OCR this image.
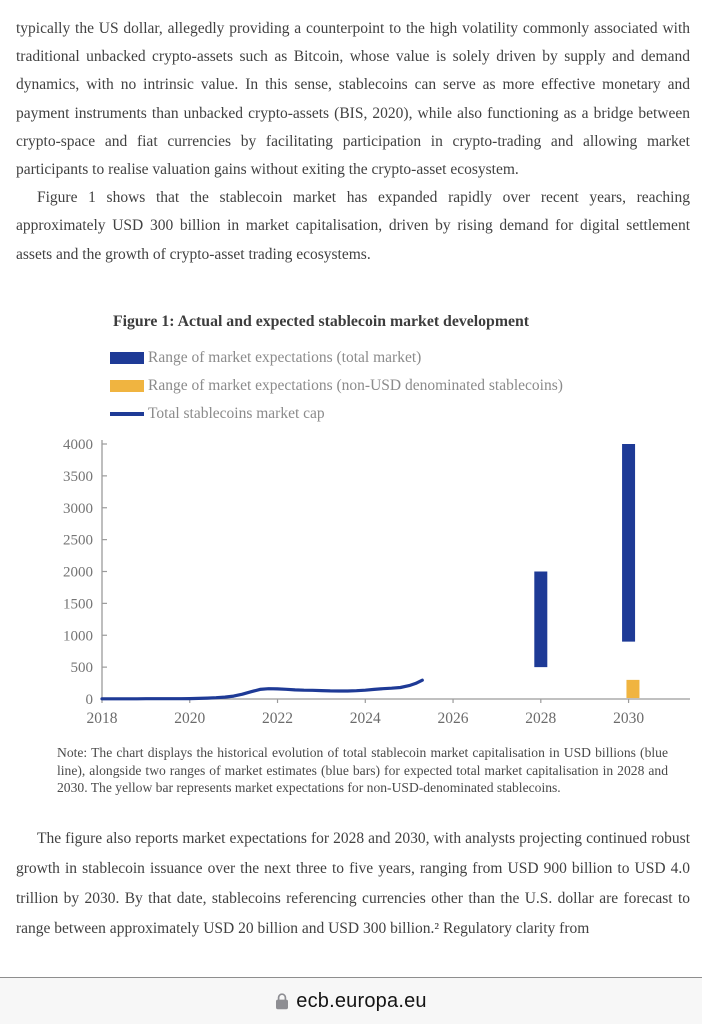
typically the US dollar, allegedly providing a counterpoint to the high volatility commonly associated with traditional unbacked crypto-assets such as Bitcoin, whose value is solely driven by supply and demand dynamics, with no intrinsic value. In this sense, stablecoins can serve as more effective monetary and payment instruments than unbacked crypto-assets (BIS, 2020), while also functioning as a bridge between crypto-space and fiat currencies by facilitating participation in crypto-trading and allowing market participants to realise valuation gains without exiting the crypto-asset ecosystem.

Figure 1 shows that the stablecoin market has expanded rapidly over recent years, reaching approximately USD 300 billion in market capitalisation, driven by rising demand for digital settlement assets and the growth of crypto-asset trading ecosystems.

Figure 1: Actual and expected stablecoin market development
Range of market expectations (total market)
Range of market expectations (non-USD denominated stablecoins)
Total stablecoins market cap
0
500
1000
1500
2000
2500
3000
3500
4000
2018	2020	2022	2024	2026	2028	2030
Note: The chart displays the historical evolution of total stablecoin market capitalisation in USD billions (blue line), alongside two ranges of market estimates (blue bars) for expected total market capitalisation in 2028 and 2030. The yellow bar represents market expectations for non-USD-denominated stablecoins.

The figure also reports market expectations for 2028 and 2030, with analysts projecting continued robust growth in stablecoin issuance over the next three to five years, ranging from USD 900 billion to USD 4.0 trillion by 2030. By that date, stablecoins referencing currencies other than the U.S. dollar are forecast to range between approximately USD 20 billion and USD 300 billion.² Regulatory clarity from

ecb.europa.eu
